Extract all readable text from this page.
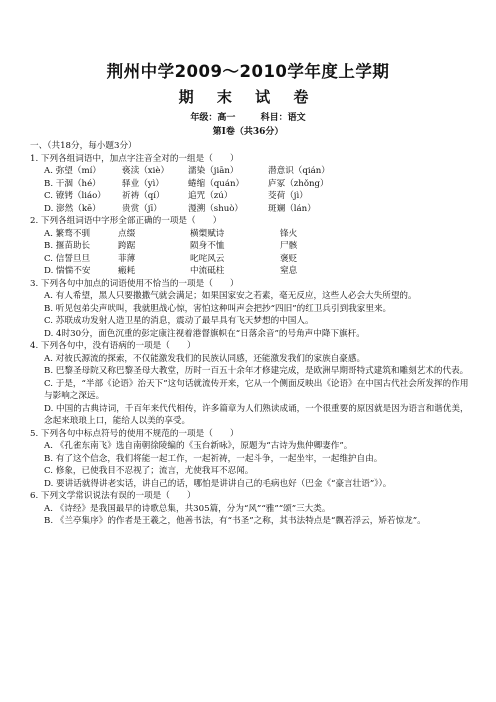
荆州中学2009～2010学年度上学期
期 末 试 卷
年级：高一	科目：语文
第Ⅰ卷（共36分）
一、（共18分，每小题3分）
1. 下列各组词语中，加点字注音全对的一组是（　　）
A. 弥望（mí） 亵渎（xiè） 濡染（jiān）	潜意识（qián）
B. 干涸（hé） 驿业（yì）	蜷缩（quán）	庐冢（zhǒng）
C. 镣铐（liáo） 祈祷（qí）	追咒（zú）	茭荷（jì）
D. 澎然（kē） 贵赏（jī）	漫溯（shuò）	斑斓（lán）
2. 下列各组词语中字形全部正确的一项是（　　）
A. 繁骛不驯	点缀	横槊赋诗	锋火
B. 揠苗助长	跨踞	陨身不恤	尸骸
C. 信誓旦旦	菲薄	叱咤风云	褒贬
D. 惴惴不安	瘢耗	中流砥柱	窒息
3. 下列各句中加点的词语使用不恰当的一项是（　　）
A. 有人希望，黑人只要撒撒气就会满足；如果国家安之若素，毫无反应，这些人必会大失所望的。
B. 听见包弟尖声吠叫，我就胆战心惊，害怕这种叫声会把抄“四旧”的红卫兵引到我家里来。
C. 苏联成功发射人造卫星的消息，震动了最早具有飞天梦想的中国人。
D. 4时30分，面色沉重的彭定康注视着港督旗帜在“日落余音”的号角声中降下旗杆。
4. 下列各句中，没有语病的一项是（　　）
A. 对彼氏源流的探索，不仅能激发我们的民族认同感，还能激发我们的家族自豪感。
B. 巴黎圣母院又称巴黎圣母大教堂，历时一百五十余年才修建完成，是欧洲早期哥特式建筑和雕刻艺术的代表。
C. 于是，“半部《论语》治天下”这句话就流传开来，它从一个侧面反映出《论语》在中国古代社会所发挥的作用与影响之深远。
D. 中国的古典诗词，千百年来代代相传，许多篇章为人们熟读成诵，一个很重要的原因就是因为语言和谐优美，念起来琅琅上口，能给人以美的享受。
5. 下列各句中标点符号的使用不规范的一项是（　　）
A. 《孔雀东南飞》选自南朝徐陵编的《玉台新咏》，原题为“古诗为焦仲卿妻作”。
B. 有了这个信念，我们将能一起工作，一起祈祷，一起斗争，一起坐牢，一起维护自由。
C. 修象，已使我目不忍视了；流言，尤使我耳不忍闻。
D. 要讲话就得讲老实话，讲自己的话，哪怕是讲讲自己的毛病也好（巴金《“豪言壮语”》）。
6. 下列文学常识说法有误的一项是（　　）
A. 《诗经》是我国最早的诗歌总集，共305篇，分为“风”“雅”“颂”三大类。
B. 《兰亭集序》的作者是王羲之，他善书法，有“书圣”之称，其书法特点是“飘若浮云，矫若惊龙”。
